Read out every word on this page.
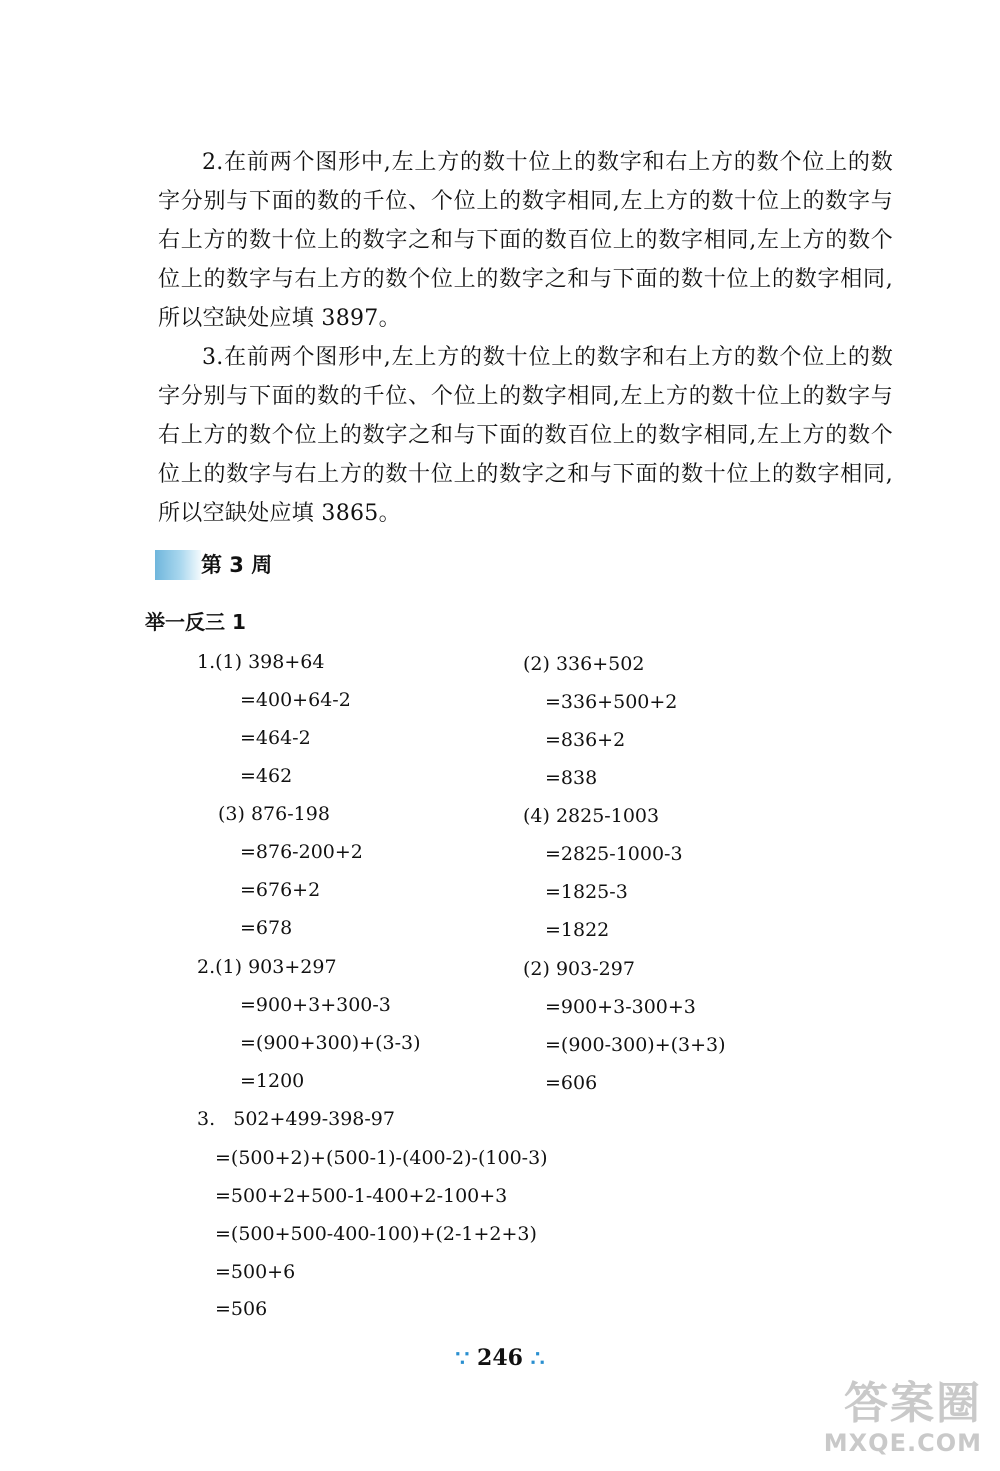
2.在前两个图形中,左上方的数十位上的数字和右上方的数个位上的数字分别与下面的数的千位、个位上的数字相同,左上方的数十位上的数字与右上方的数十位上的数字之和与下面的数百位上的数字相同,左上方的数个位上的数字与右上方的数个位上的数字之和与下面的数十位上的数字相同,所以空缺处应填 3897。

3.在前两个图形中,左上方的数十位上的数字和右上方的数个位上的数字分别与下面的数的千位、个位上的数字相同,左上方的数十位上的数字与右上方的数个位上的数字之和与下面的数百位上的数字相同,左上方的数个位上的数字与右上方的数十位上的数字之和与下面的数十位上的数字相同,所以空缺处应填 3865。

第 3 周
举一反三 1
1.(1) 398+64
=400+64-2
=464-2
=462
(2) 336+502
=336+500+2
=836+2
=838
(3) 876-198
=876-200+2
=676+2
=678
(4) 2825-1003
=2825-1000-3
=1825-3
=1822
2.(1) 903+297
=900+3+300-3
=(900+300)+(3-3)
=1200
(2) 903-297
=900+3-300+3
=(900-300)+(3+3)
=606
3.   502+499-398-97
=(500+2)+(500-1)-(400-2)-(100-3)
=500+2+500-1-400+2-100+3
=(500+500-400-100)+(2-1+2+3)
=500+6
=506
∵ 246 ∴
答案圈
MXQE.COM
